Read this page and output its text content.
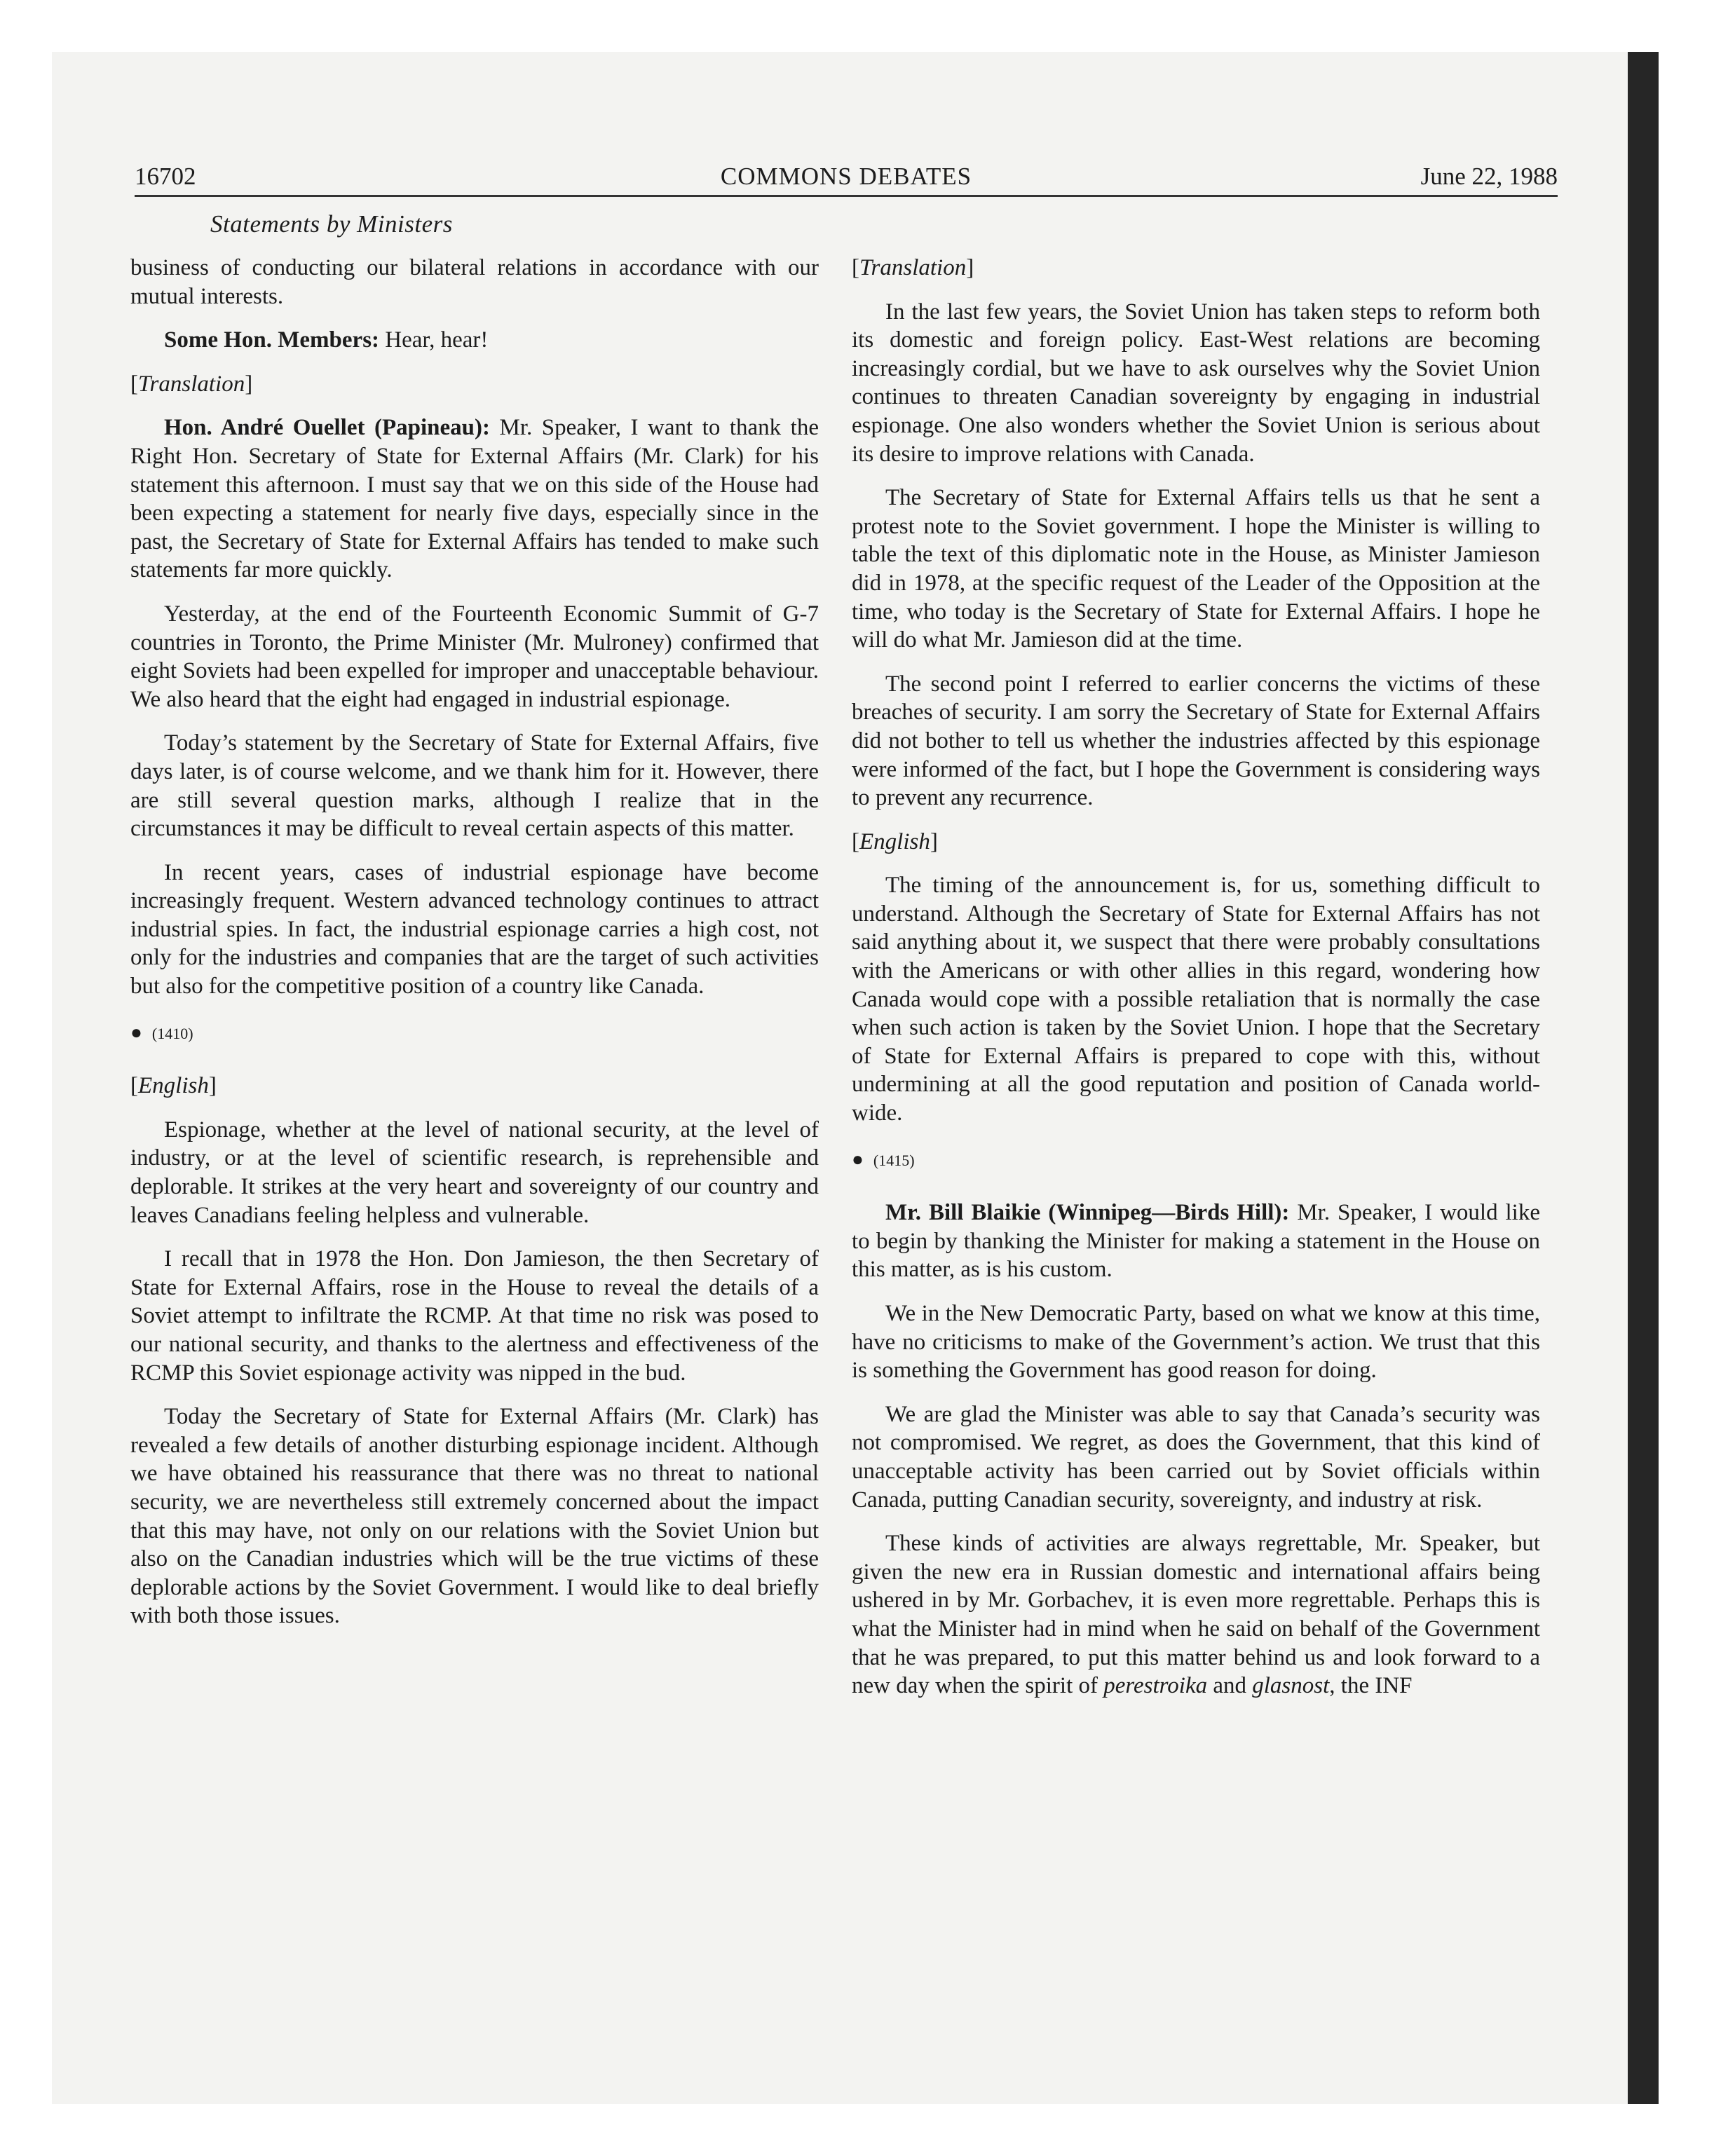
16702	COMMONS DEBATES	June 22, 1988
Statements by Ministers

business of conducting our bilateral relations in accordance with our mutual interests.

Some Hon. Members: Hear, hear!

[Translation]

Hon. André Ouellet (Papineau): Mr. Speaker, I want to thank the Right Hon. Secretary of State for External Affairs (Mr. Clark) for his statement this afternoon. I must say that we on this side of the House had been expecting a statement for nearly five days, especially since in the past, the Secretary of State for External Affairs has tended to make such statements far more quickly.

Yesterday, at the end of the Fourteenth Economic Summit of G-7 countries in Toronto, the Prime Minister (Mr. Mulroney) confirmed that eight Soviets had been expelled for improper and unacceptable behaviour. We also heard that the eight had engaged in industrial espionage.

Today’s statement by the Secretary of State for External Affairs, five days later, is of course welcome, and we thank him for it. However, there are still several question marks, although I realize that in the circumstances it may be difficult to reveal certain aspects of this matter.

In recent years, cases of industrial espionage have become increasingly frequent. Western advanced technology continues to attract industrial spies. In fact, the industrial espionage carries a high cost, not only for the industries and companies that are the target of such activities but also for the competitive position of a country like Canada.

● (1410)
[English]

Espionage, whether at the level of national security, at the level of industry, or at the level of scientific research, is reprehensible and deplorable. It strikes at the very heart and sovereignty of our country and leaves Canadians feeling helpless and vulnerable.

I recall that in 1978 the Hon. Don Jamieson, the then Secretary of State for External Affairs, rose in the House to reveal the details of a Soviet attempt to infiltrate the RCMP. At that time no risk was posed to our national security, and thanks to the alertness and effectiveness of the RCMP this Soviet espionage activity was nipped in the bud.

Today the Secretary of State for External Affairs (Mr. Clark) has revealed a few details of another disturbing espionage incident. Although we have obtained his reassurance that there was no threat to national security, we are nevertheless still extremely concerned about the impact that this may have, not only on our relations with the Soviet Union but also on the Canadian industries which will be the true victims of these deplorable actions by the Soviet Government. I would like to deal briefly with both those issues.

[Translation]

In the last few years, the Soviet Union has taken steps to reform both its domestic and foreign policy. East-West relations are becoming increasingly cordial, but we have to ask ourselves why the Soviet Union continues to threaten Canadian sovereignty by engaging in industrial espionage. One also wonders whether the Soviet Union is serious about its desire to improve relations with Canada.

The Secretary of State for External Affairs tells us that he sent a protest note to the Soviet government. I hope the Minister is willing to table the text of this diplomatic note in the House, as Minister Jamieson did in 1978, at the specific request of the Leader of the Opposition at the time, who today is the Secretary of State for External Affairs. I hope he will do what Mr. Jamieson did at the time.

The second point I referred to earlier concerns the victims of these breaches of security. I am sorry the Secretary of State for External Affairs did not bother to tell us whether the industries affected by this espionage were informed of the fact, but I hope the Government is considering ways to prevent any recurrence.

[English]

The timing of the announcement is, for us, something difficult to understand. Although the Secretary of State for External Affairs has not said anything about it, we suspect that there were probably consultations with the Americans or with other allies in this regard, wondering how Canada would cope with a possible retaliation that is normally the case when such action is taken by the Soviet Union. I hope that the Secretary of State for External Affairs is prepared to cope with this, without undermining at all the good reputation and position of Canada world-wide.

● (1415)

Mr. Bill Blaikie (Winnipeg—Birds Hill): Mr. Speaker, I would like to begin by thanking the Minister for making a statement in the House on this matter, as is his custom.

We in the New Democratic Party, based on what we know at this time, have no criticisms to make of the Government’s action. We trust that this is something the Government has good reason for doing.

We are glad the Minister was able to say that Canada’s security was not compromised. We regret, as does the Government, that this kind of unacceptable activity has been carried out by Soviet officials within Canada, putting Canadian security, sovereignty, and industry at risk.

These kinds of activities are always regrettable, Mr. Speaker, but given the new era in Russian domestic and international affairs being ushered in by Mr. Gorbachev, it is even more regrettable. Perhaps this is what the Minister had in mind when he said on behalf of the Government that he was prepared, to put this matter behind us and look forward to a new day when the spirit of perestroika and glasnost, the INF
